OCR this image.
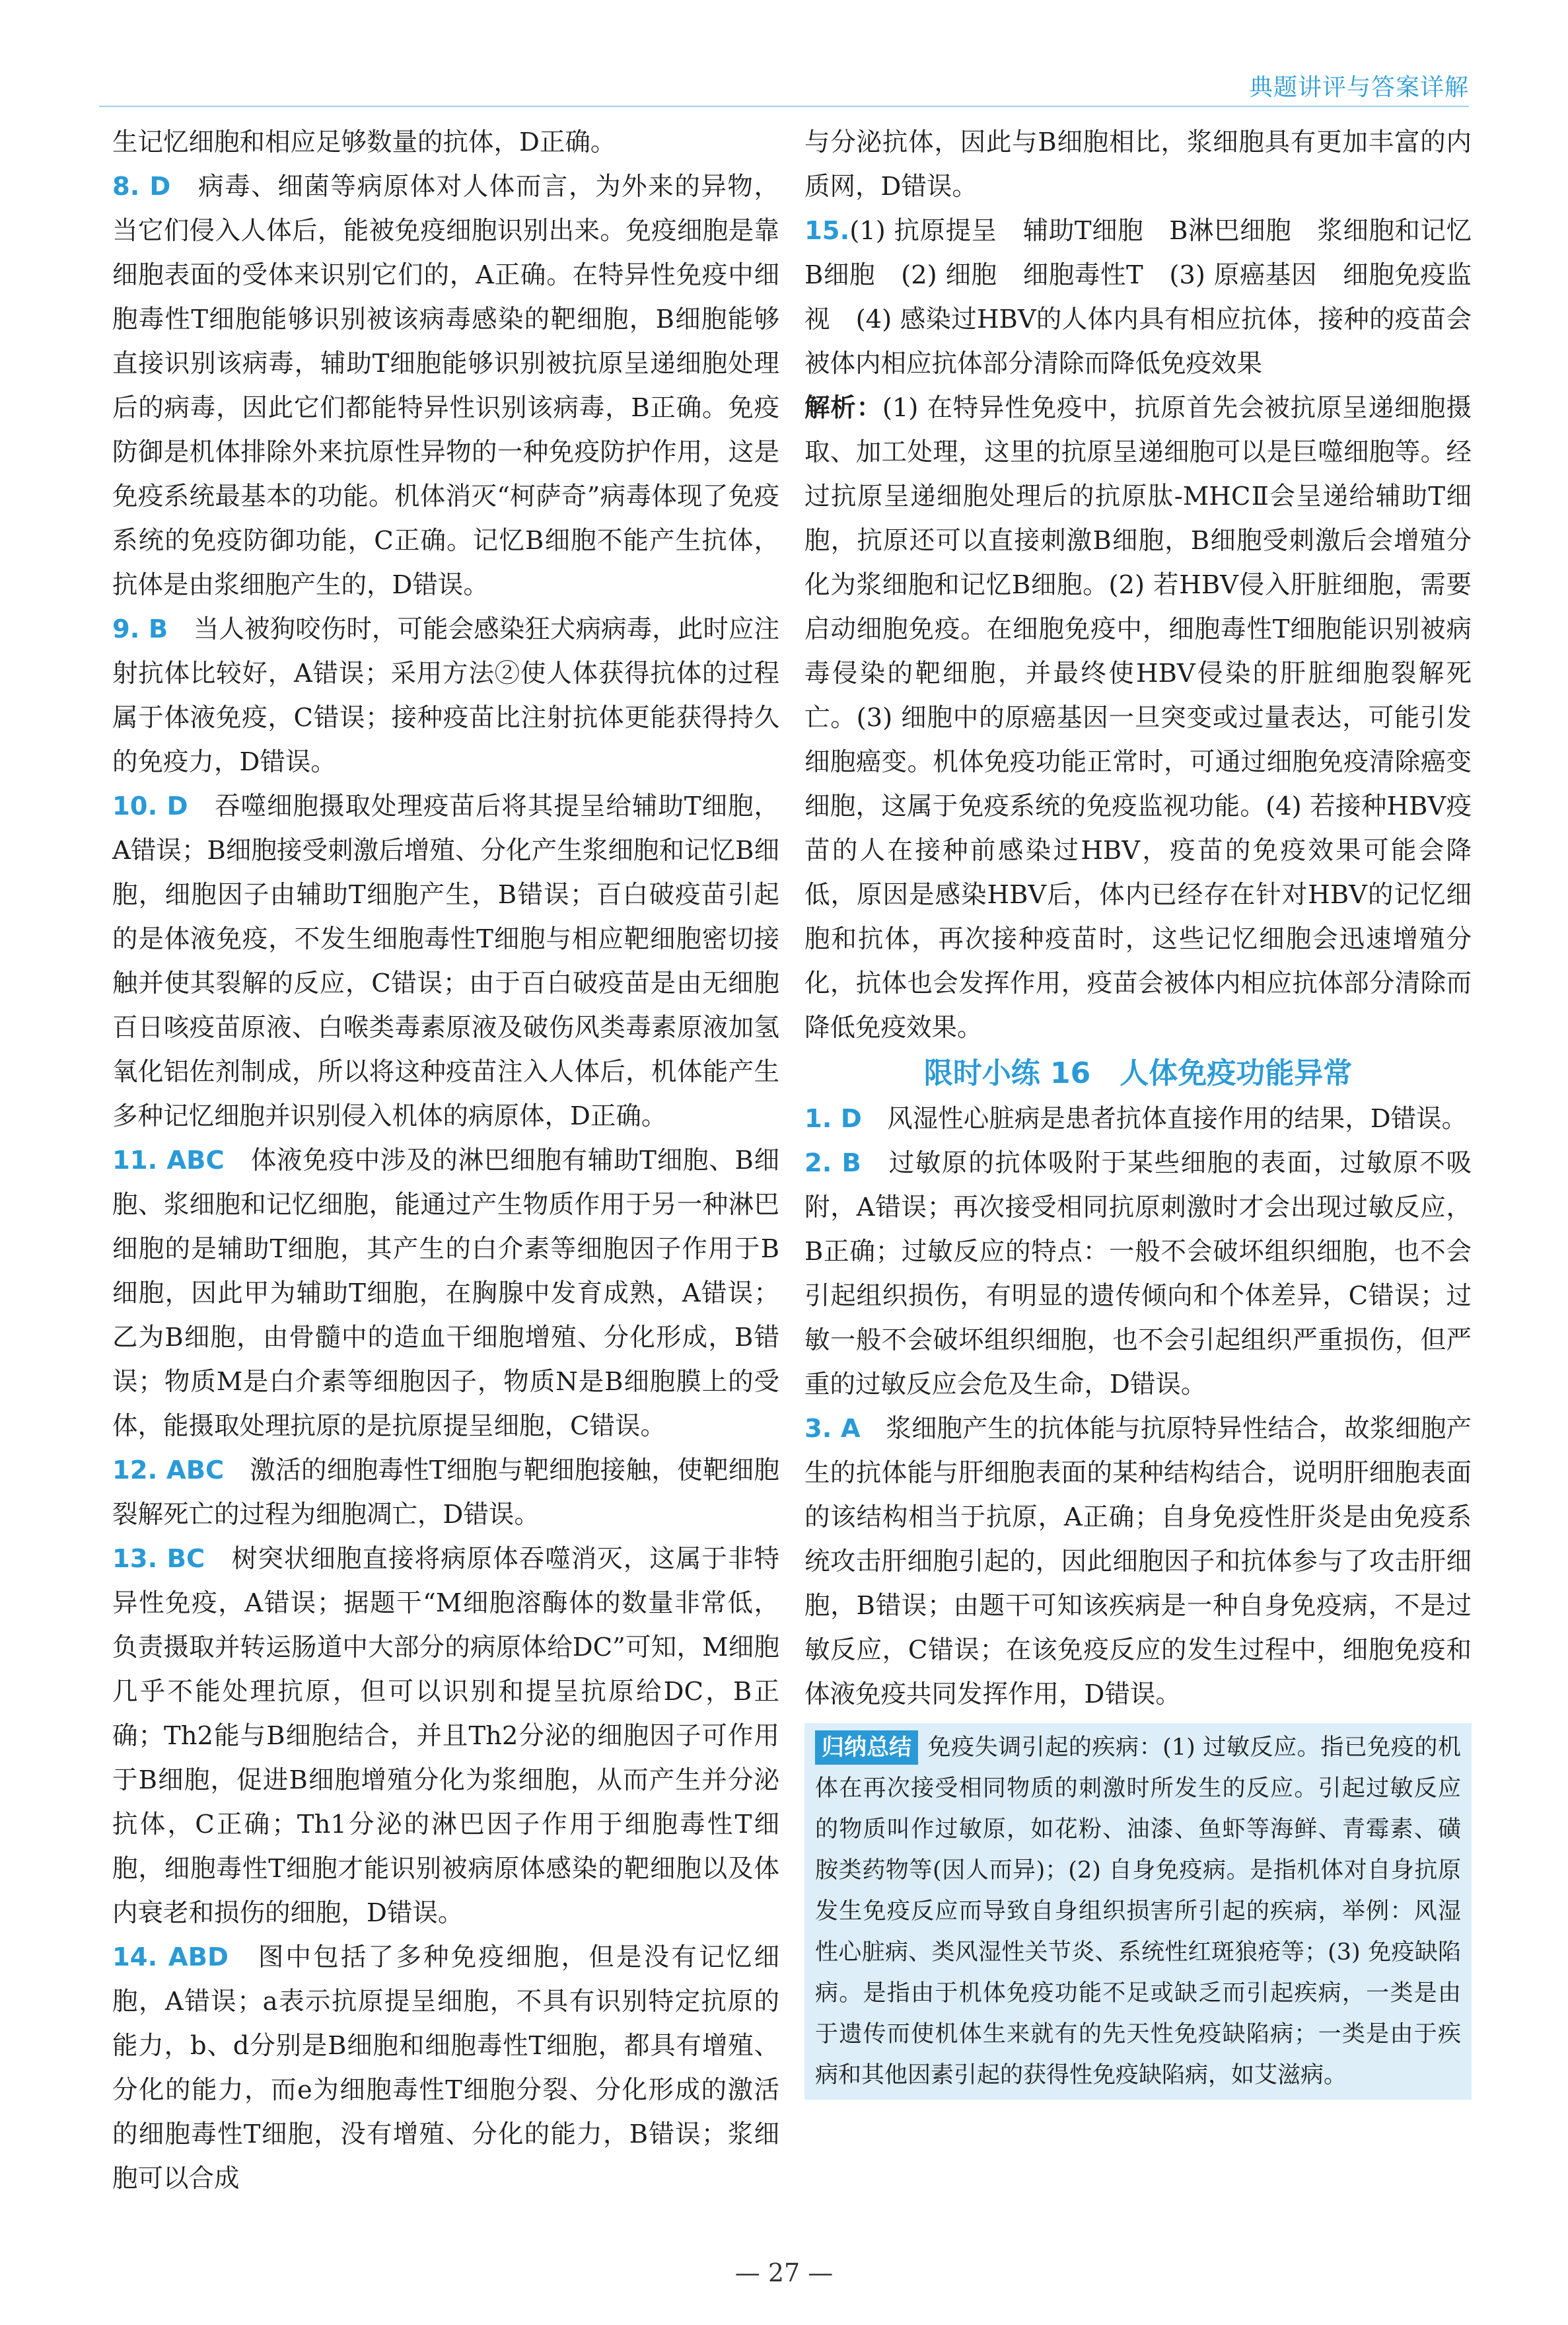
典题讲评与答案详解

生记忆细胞和相应足够数量的抗体，D正确。

8. D　 病毒、细菌等病原体对人体而言，为外来的异物，当它们侵入人体后，能被免疫细胞识别出来。免疫细胞是靠细胞表面的受体来识别它们的，A正确。在特异性免疫中细胞毒性T细胞能够识别被该病毒感染的靶细胞，B细胞能够直接识别该病毒，辅助T细胞能够识别被抗原呈递细胞处理后的病毒，因此它们都能特异性识别该病毒，B正确。免疫防御是机体排除外来抗原性异物的一种免疫防护作用，这是免疫系统最基本的功能。机体消灭“柯萨奇”病毒体现了免疫系统的免疫防御功能，C正确。记忆B细胞不能产生抗体，抗体是由浆细胞产生的，D错误。

9. B　 当人被狗咬伤时，可能会感染狂犬病病毒，此时应注射抗体比较好，A错误；采用方法②使人体获得抗体的过程属于体液免疫，C错误；接种疫苗比注射抗体更能获得持久的免疫力，D错误。

10. D　 吞噬细胞摄取处理疫苗后将其提呈给辅助T细胞，A错误；B细胞接受刺激后增殖、分化产生浆细胞和记忆B细胞，细胞因子由辅助T细胞产生，B错误；百白破疫苗引起的是体液免疫，不发生细胞毒性T细胞与相应靶细胞密切接触并使其裂解的反应，C错误；由于百白破疫苗是由无细胞百日咳疫苗原液、白喉类毒素原液及破伤风类毒素原液加氢氧化铝佐剂制成，所以将这种疫苗注入人体后，机体能产生多种记忆细胞并识别侵入机体的病原体，D正确。

11. ABC　 体液免疫中涉及的淋巴细胞有辅助T细胞、B细胞、浆细胞和记忆细胞，能通过产生物质作用于另一种淋巴细胞的是辅助T细胞，其产生的白介素等细胞因子作用于B细胞，因此甲为辅助T细胞，在胸腺中发育成熟，A错误；乙为B细胞，由骨髓中的造血干细胞增殖、分化形成，B错误；物质M是白介素等细胞因子，物质N是B细胞膜上的受体，能摄取处理抗原的是抗原提呈细胞，C错误。

12. ABC　 激活的细胞毒性T细胞与靶细胞接触，使靶细胞裂解死亡的过程为细胞凋亡，D错误。

13. BC　 树突状细胞直接将病原体吞噬消灭，这属于非特异性免疫，A错误；据题干“M细胞溶酶体的数量非常低，负责摄取并转运肠道中大部分的病原体给DC”可知，M细胞几乎不能处理抗原，但可以识别和提呈抗原给DC，B正确；Th2能与B细胞结合，并且Th2分泌的细胞因子可作用于B细胞，促进B细胞增殖分化为浆细胞，从而产生并分泌抗体，C正确；Th1分泌的淋巴因子作用于细胞毒性T细胞，细胞毒性T细胞才能识别被病原体感染的靶细胞以及体内衰老和损伤的细胞，D错误。

14. ABD　 图中包括了多种免疫细胞，但是没有记忆细胞，A错误；a表示抗原提呈细胞，不具有识别特定抗原的能力，b、d分别是B细胞和细胞毒性T细胞，都具有增殖、分化的能力，而e为细胞毒性T细胞分裂、分化形成的激活的细胞毒性T细胞，没有增殖、分化的能力，B错误；浆细胞可以合成

与分泌抗体，因此与B细胞相比，浆细胞具有更加丰富的内质网，D错误。

15.(1) 抗原提呈　辅助T细胞　B淋巴细胞　浆细胞和记忆B细胞　(2) 细胞　细胞毒性T　(3) 原癌基因　细胞免疫监视　(4) 感染过HBV的人体内具有相应抗体，接种的疫苗会被体内相应抗体部分清除而降低免疫效果

解析：(1) 在特异性免疫中，抗原首先会被抗原呈递细胞摄取、加工处理，这里的抗原呈递细胞可以是巨噬细胞等。经过抗原呈递细胞处理后的抗原肽-MHCⅡ会呈递给辅助T细胞，抗原还可以直接刺激B细胞，B细胞受刺激后会增殖分化为浆细胞和记忆B细胞。(2) 若HBV侵入肝脏细胞，需要启动细胞免疫。在细胞免疫中，细胞毒性T细胞能识别被病毒侵染的靶细胞，并最终使HBV侵染的肝脏细胞裂解死亡。(3) 细胞中的原癌基因一旦突变或过量表达，可能引发细胞癌变。机体免疫功能正常时，可通过细胞免疫清除癌变细胞，这属于免疫系统的免疫监视功能。(4) 若接种HBV疫苗的人在接种前感染过HBV，疫苗的免疫效果可能会降低，原因是感染HBV后，体内已经存在针对HBV的记忆细胞和抗体，再次接种疫苗时，这些记忆细胞会迅速增殖分化，抗体也会发挥作用，疫苗会被体内相应抗体部分清除而降低免疫效果。

限时小练 16　人体免疫功能异常

1. D　 风湿性心脏病是患者抗体直接作用的结果，D错误。

2. B　 过敏原的抗体吸附于某些细胞的表面，过敏原不吸附，A错误；再次接受相同抗原刺激时才会出现过敏反应，B正确；过敏反应的特点：一般不会破坏组织细胞，也不会引起组织损伤，有明显的遗传倾向和个体差异，C错误；过敏一般不会破坏组织细胞，也不会引起组织严重损伤，但严重的过敏反应会危及生命，D错误。

3. A　 浆细胞产生的抗体能与抗原特异性结合，故浆细胞产生的抗体能与肝细胞表面的某种结构结合，说明肝细胞表面的该结构相当于抗原，A正确；自身免疫性肝炎是由免疫系统攻击肝细胞引起的，因此细胞因子和抗体参与了攻击肝细胞，B错误；由题干可知该疾病是一种自身免疫病，不是过敏反应，C错误；在该免疫反应的发生过程中，细胞免疫和体液免疫共同发挥作用，D错误。

归纳总结 免疫失调引起的疾病：(1) 过敏反应。指已免疫的机体在再次接受相同物质的刺激时所发生的反应。引起过敏反应的物质叫作过敏原，如花粉、油漆、鱼虾等海鲜、青霉素、磺胺类药物等(因人而异)；(2) 自身免疫病。是指机体对自身抗原发生免疫反应而导致自身组织损害所引起的疾病，举例：风湿性心脏病、类风湿性关节炎、系统性红斑狼疮等；(3) 免疫缺陷病。是指由于机体免疫功能不足或缺乏而引起疾病，一类是由于遗传而使机体生来就有的先天性免疫缺陷病；一类是由于疾病和其他因素引起的获得性免疫缺陷病，如艾滋病。
— 27 —
